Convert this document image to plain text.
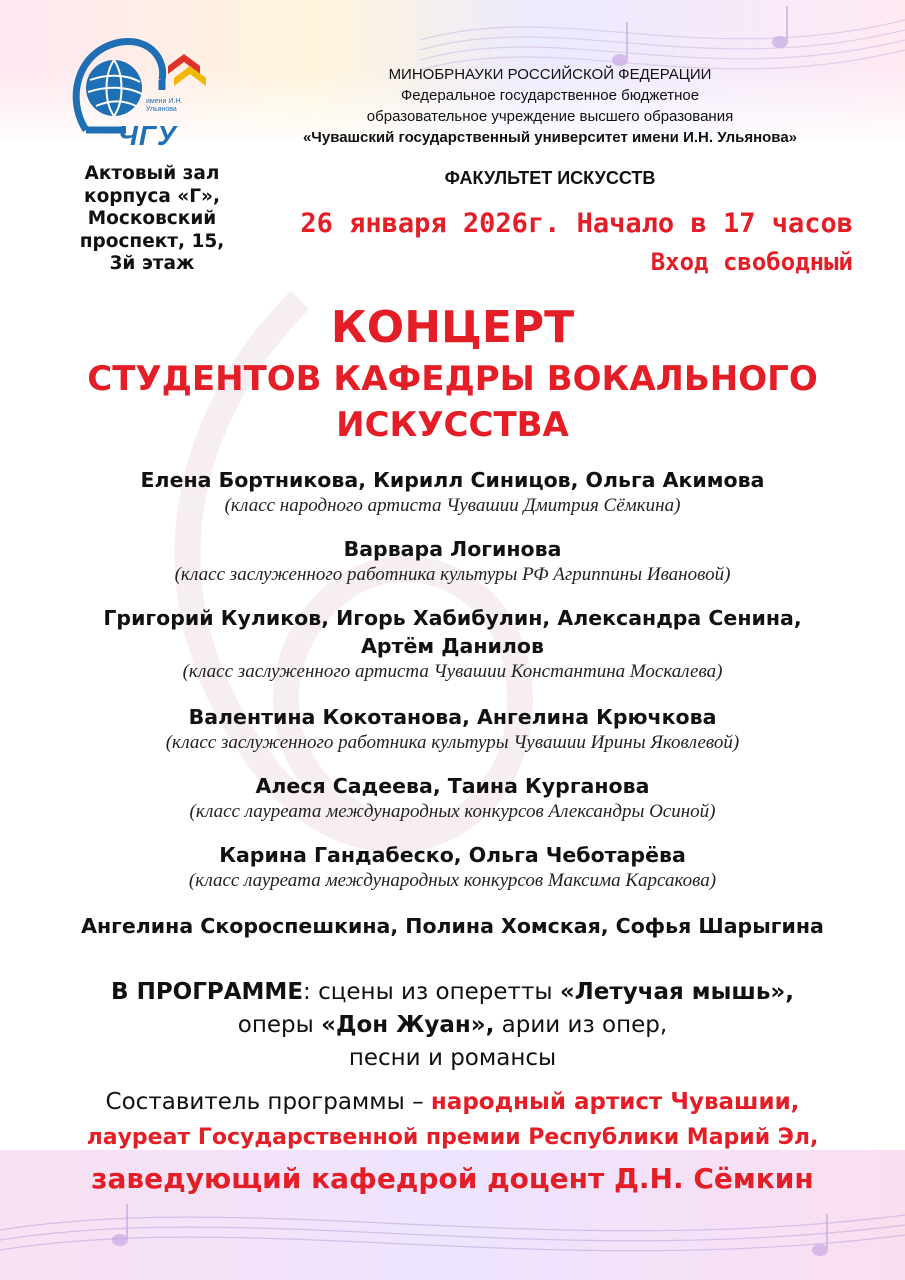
имени И.Н. Ульянова
ЧГУ
Актовый зал
корпуса «Г»,
Московский
проспект, 15,
3й этаж
МИНОБРНАУКИ РОССИЙСКОЙ ФЕДЕРАЦИИ
Федеральное государственное бюджетное
образовательное учреждение высшего образования
«Чувашский государственный университет имени И.Н. Ульянова»
ФАКУЛЬТЕТ ИСКУССТВ
26 января 2026г. Начало в 17 часов
Вход свободный
КОНЦЕРТ
СТУДЕНТОВ КАФЕДРЫ ВОКАЛЬНОГО
ИСКУССТВА
Елена Бортникова, Кирилл Синицов, Ольга Акимова
(класс народного артиста Чувашии Дмитрия Сёмкина)
Варвара Логинова
(класс заслуженного работника культуры РФ Агриппины Ивановой)
Григорий Куликов, Игорь Хабибулин, Александра Сенина,
Артём Данилов
(класс заслуженного артиста Чувашии Константина Москалева)
Валентина Кокотанова, Ангелина Крючкова
(класс заслуженного работника культуры Чувашии Ирины Яковлевой)
Алеся Садеева, Таина Курганова
(класс лауреата международных конкурсов Александры Осиной)
Карина Гандабеско, Ольга Чеботарёва
(класс лауреата международных конкурсов Максима Карсакова)
Ангелина Скороспешкина, Полина Хомская, Софья Шарыгина
В ПРОГРАММЕ: сцены из оперетты «Летучая мышь»,
оперы «Дон Жуан», арии из опер,
песни и романсы
Составитель программы – народный артист Чувашии,
лауреат Государственной премии Республики Марий Эл,
заведующий кафедрой доцент Д.Н. Сёмкин
